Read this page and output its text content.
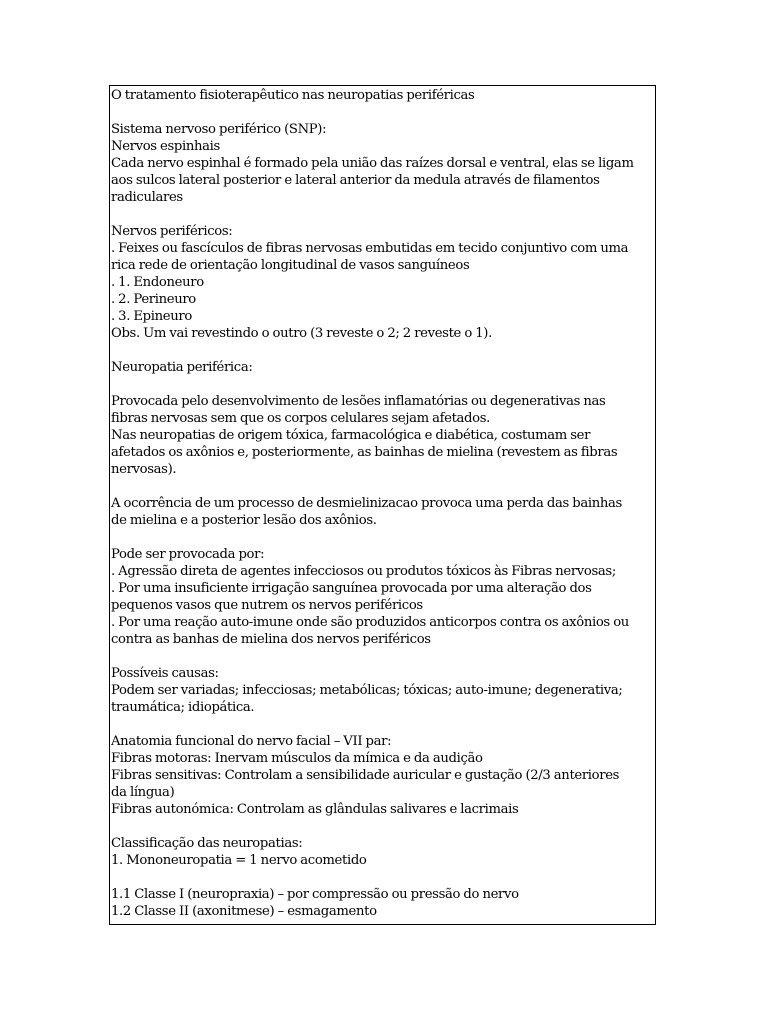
O tratamento fisioterapêutico nas neuropatias periféricas
Sistema nervoso periférico (SNP):
Nervos espinhais
Cada nervo espinhal é formado pela união das raízes dorsal e ventral, elas se ligam
aos sulcos lateral posterior e lateral anterior da medula através de filamentos
radiculares
Nervos periféricos:
. Feixes ou fascículos de fibras nervosas embutidas em tecido conjuntivo com uma
rica rede de orientação longitudinal de vasos sanguíneos
. 1. Endoneuro
. 2. Perineuro
. 3. Epineuro
Obs. Um vai revestindo o outro (3 reveste o 2; 2 reveste o 1).
Neuropatia periférica:
Provocada pelo desenvolvimento de lesões inflamatórias ou degenerativas nas
fibras nervosas sem que os corpos celulares sejam afetados.
Nas neuropatias de origem tóxica, farmacológica e diabética, costumam ser
afetados os axônios e, posteriormente, as bainhas de mielina (revestem as fibras
nervosas).
A ocorrência de um processo de desmielinizacao provoca uma perda das bainhas
de mielina e a posterior lesão dos axônios.
Pode ser provocada por:
. Agressão direta de agentes infecciosos ou produtos tóxicos às Fibras nervosas;
. Por uma insuficiente irrigação sanguínea provocada por uma alteração dos
pequenos vasos que nutrem os nervos periféricos
. Por uma reação auto-imune onde são produzidos anticorpos contra os axônios ou
contra as banhas de mielina dos nervos periféricos
Possíveis causas:
Podem ser variadas; infecciosas; metabólicas; tóxicas; auto-imune; degenerativa;
traumática; idiopática.
Anatomia funcional do nervo facial – VII par:
Fibras motoras: Inervam músculos da mímica e da audição
Fibras sensitivas: Controlam a sensibilidade auricular e gustação (2/3 anteriores
da língua)
Fibras autonómica: Controlam as glândulas salivares e lacrimais
Classificação das neuropatias:
1. Mononeuropatia = 1 nervo acometido
1.1 Classe I (neuropraxia) – por compressão ou pressão do nervo
1.2 Classe II (axonitmese) – esmagamento
